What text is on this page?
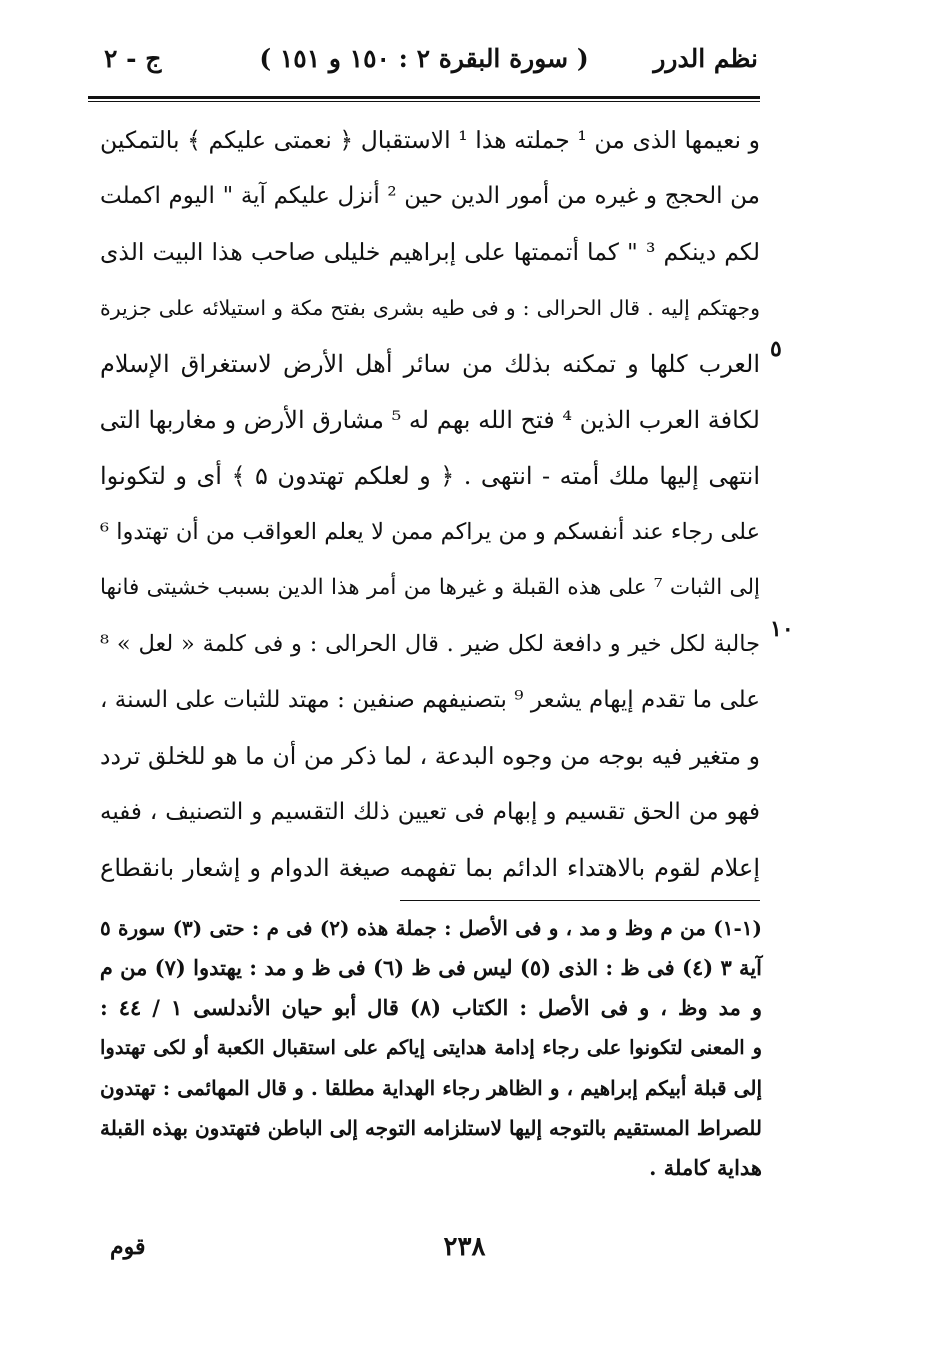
نظم الدرر
( سورة البقرة ٢ : ١٥٠ و ١٥١ )
ج - ٢
و نعيمها الذى من ¹ جملته هذا ¹ الاستقبال ﴿ نعمتى عليكم ﴾ بالتمكين
من الحجج و غيره من أمور الدين حين ² أنزل عليكم آية " اليوم اكملت
لكم دينكم ³ " كما أتممتها على إبراهيم خليلى صاحب هذا البيت الذى
وجهتكم إليه . قال الحرالى : و فى طيه بشرى بفتح مكة و استيلائه على جزيرة
العرب كلها و تمكنه بذلك من سائر أهل الأرض لاستغراق الإسلام
لكافة العرب الذين ⁴ فتح الله بهم له ⁵ مشارق الأرض و مغاربها التى
انتهى إليها ملك أمته - انتهى . ﴿ و لعلكم تهتدون ۵ ﴾ أى و لتكونوا
على رجاء عند أنفسكم و من يراكم ممن لا يعلم العواقب من أن تهتدوا ⁶
إلى الثبات ⁷ على هذه القبلة و غيرها من أمر هذا الدين بسبب خشيتى فانها
جالبة لكل خير و دافعة لكل ضير . قال الحرالى : و فى كلمة « لعل » ⁸
على ما تقدم إيهام يشعر ⁹ بتصنيفهم صنفين : مهتد للثبات على السنة ،
و متغير فيه بوجه من وجوه البدعة ، لما ذكر من أن ما هو للخلق تردد
فهو من الحق تقسيم و إبهام فى تعيين ذلك التقسيم و التصنيف ، ففيه
إعلام لقوم بالاهتداء الدائم بما تفهمه صيغة الدوام و إشعار بانقطاع
٥
١٠
(١-١) من م وظ و مد ، و فى الأصل : جملة هذه (٢) فى م : حتى (٣) سورة ٥
آية ٣ (٤) فى ظ : الذى (٥) ليس فى ظ (٦) فى ظ و مد : يهتدوا (٧) من م
و مد وظ ، و فى الأصل : الكتاب (٨) قال أبو حيان الأندلسى ١ / ٤٤ :
و المعنى لتكونوا على رجاء إدامة هدايتى إياكم على استقبال الكعبة أو لكى تهتدوا
إلى قبلة أبيكم إبراهيم ، و الظاهر رجاء الهداية مطلقا . و قال المهائمى : تهتدون
للصراط المستقيم بالتوجه إليها لاستلزامه التوجه إلى الباطن فتهتدون بهذه القبلة
هداية كاملة .
٢٣٨
قوم
